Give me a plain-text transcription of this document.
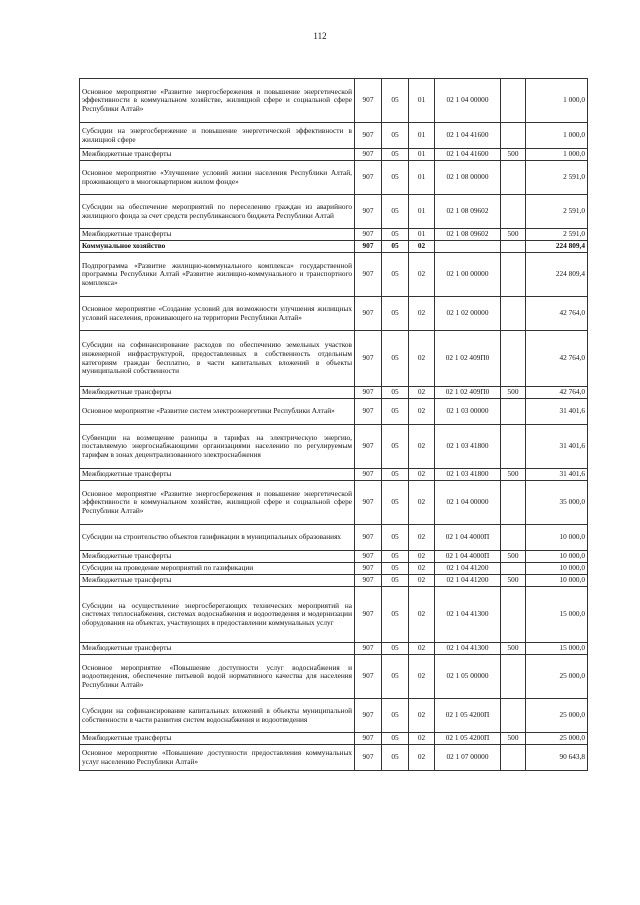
112
Основное мероприятие «Развитие энергосбережения и повышение энергетической эффективности в коммунальном хозяйстве, жилищной сфере и социальной сфере Республики Алтай»	907	05	01	02 1 04 00000		1 000,0
Субсидии на энергосбережение и повышение энергетической эффективности в жилищной сфере	907	05	01	02 1 04 41600		1 000,0
Межбюджетные трансферты	907	05	01	02 1 04 41600	500	1 000,0
Основное мероприятие «Улучшение условий жизни населения Республики Алтай, проживающего в многоквартирном жилом фонде»	907	05	01	02 1 08 00000		2 591,0
Субсидии на обеспечение мероприятий по переселению граждан из аварийного жилищного фонда за счет средств республиканского бюджета Республики Алтай	907	05	01	02 1 08 09602		2 591,0
Межбюджетные трансферты	907	05	01	02 1 08 09602	500	2 591,0
Коммунальное хозяйство	907	05	02			224 809,4
Подпрограмма «Развитие жилищно-коммунального комплекса» государственной программы Республики Алтай «Развитие жилищно-коммунального и транспортного комплекса»	907	05	02	02 1 00 00000		224 809,4
Основное мероприятие «Создание условий для возможности улучшения жилищных условий населения, проживающего на территории Республики Алтай»	907	05	02	02 1 02 00000		42 764,0
Субсидии на софинансирование расходов по обеспечению земельных участков инженерной инфраструктурой, предоставленных в собственность отдельным категориям граждан бесплатно, в части капитальных вложений в объекты муниципальной собственности	907	05	02	02 1 02 409П0		42 764,0
Межбюджетные трансферты	907	05	02	02 1 02 409П0	500	42 764,0
Основное мероприятие «Развитие систем электроэнергетики Республики Алтай»	907	05	02	02 1 03 00000		31 401,6
Субвенции на возмещение разницы в тарифах на электрическую энергию, поставляемую энергоснабжающими организациями населению по регулируемым тарифам в зонах децентрализованного электроснабжения	907	05	02	02 1 03 41800		31 401,6
Межбюджетные трансферты	907	05	02	02 1 03 41800	500	31 401,6
Основное мероприятие «Развитие энергосбережения и повышение энергетической эффективности в коммунальном хозяйстве, жилищной сфере и социальной сфере Республики Алтай»	907	05	02	02 1 04 00000		35 000,0
Субсидии на строительство объектов газификации в муниципальных образованиях	907	05	02	02 1 04 4000П		10 000,0
Межбюджетные трансферты	907	05	02	02 1 04 4000П	500	10 000,0
Субсидии на проведение мероприятий по газификации	907	05	02	02 1 04 41200		10 000,0
Межбюджетные трансферты	907	05	02	02 1 04 41200	500	10 000,0
Субсидии на осуществление энергосберегающих технических мероприятий на системах теплоснабжения, системах водоснабжения и водоотведения и модернизации оборудования на объектах, участвующих в предоставлении коммунальных услуг	907	05	02	02 1 04 41300		15 000,0
Межбюджетные трансферты	907	05	02	02 1 04 41300	500	15 000,0
Основное мероприятие «Повышение доступности услуг водоснабжения и водоотведения, обеспечение питьевой водой нормативного качества для населения Республики Алтай»	907	05	02	02 1 05 00000		25 000,0
Субсидии на софинансирование капитальных вложений в объекты муниципальной собственности в части развития систем водоснабжения и водоотведения	907	05	02	02 1 05 4200П		25 000,0
Межбюджетные трансферты	907	05	02	02 1 05 4200П	500	25 000,0
Основное мероприятие «Повышение доступности предоставления коммунальных услуг населению Республики Алтай»	907	05	02	02 1 07 00000		90 643,8
